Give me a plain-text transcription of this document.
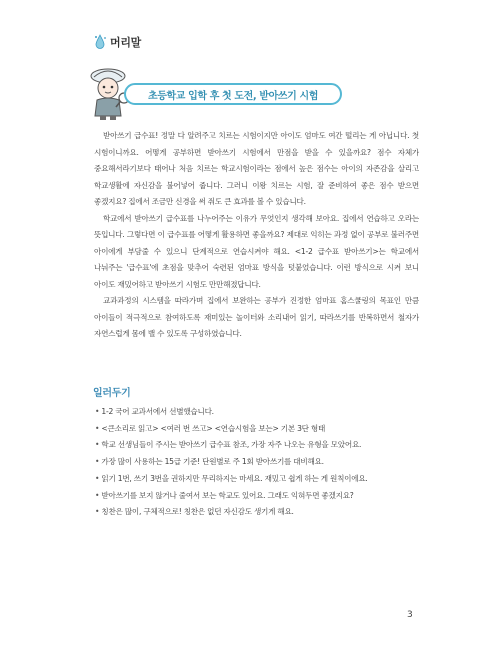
머리말
초등학교 입학 후 첫 도전, 받아쓰기 시험

받아쓰기 급수표! 정말 다 알려주고 치르는 시험이지만 아이도 엄마도 여간 떨리는 게 아닙니다. 첫 시험이니까요. 어떻게 공부하면 받아쓰기 시험에서 만점을 받을 수 있을까요? 점수 자체가 중요해서라기보다 태어나 처음 치르는 학교시험이라는 점에서 높은 점수는 아이의 자존감을 살리고 학교생활에 자신감을 불어넣어 줍니다. 그러니 이왕 치르는 시험, 잘 준비하여 좋은 점수 받으면 좋겠지요? 집에서 조금만 신경을 써 줘도 큰 효과를 볼 수 있습니다.

학교에서 받아쓰기 급수표를 나누어주는 이유가 무엇인지 생각해 보아요. 집에서 연습하고 오라는 뜻입니다. 그렇다면 이 급수표를 어떻게 활용하면 좋을까요? 제대로 익히는 과정 없이 공부로 불러주면 아이에게 부담줄 수 있으니 단계적으로 연습시켜야 해요. <1-2 급수표 받아쓰기>는 학교에서 나눠주는 '급수표'에 초점을 맞추어 숙련된 엄마표 방식을 텃붙었습니다. 이런 방식으로 시켜 보니 아이도 재밌어하고 받아쓰기 시험도 만만해졌답니다.

교과과정의 시스템을 따라가며 집에서 보완하는 공부가 진정한 엄마표 홈스쿨링의 목표인 만큼 아이들이 적극적으로 참여하도록 재미있는 놀이터와 소리내어 읽기, 따라쓰기를 반복하면서 철자가 자연스럽게 몸에 밸 수 있도록 구성하였습니다.

일러두기
• 1-2 국어 교과서에서 선별했습니다.
• <큰소리로 읽고> <여러 번 쓰고> <연습시험을 보는> 기본 3단 형태
• 학교 선생님들이 주시는 받아쓰기 급수표 참조, 가장 자주 나오는 유형을 모았어요.
• 가장 많이 사용하는 15급 기준! 단원별로 주 1회 받아쓰기를 대비해요.
• 읽기 1번, 쓰기 3번을 권하지만 무리하지는 마세요. 재밌고 쉽게 하는 게 원칙이에요.
• 받아쓰기를 보지 않거나 줄여서 보는 학교도 있어요. 그래도 익혀두면 좋겠지요?
• 칭찬은 많이, 구체적으로! 칭찬은 없던 자신감도 생기게 해요.
3
